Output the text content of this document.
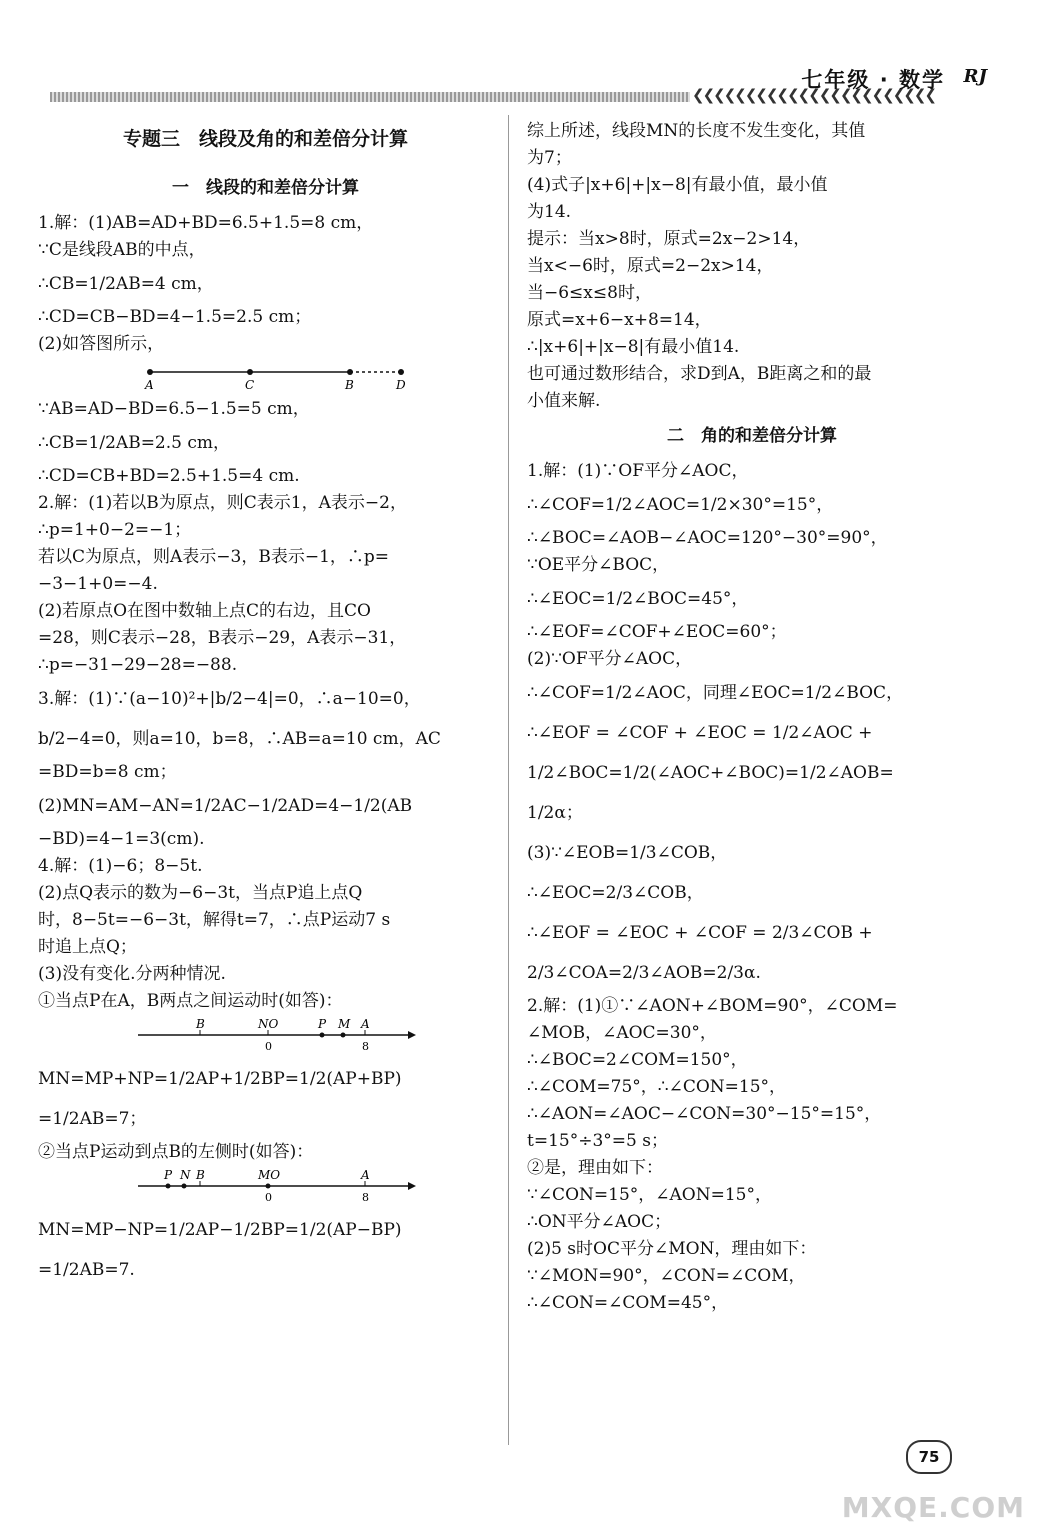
❮❮❮❮❮❮❮❮❮❮❮❮❮❮❮❮❮❮❮❮❮❮❮
七年级 · 数学 RJ
专题三　线段及角的和差倍分计算
一　线段的和差倍分计算
1.解：(1)AB=AD+BD=6.5+1.5=8 cm，
∵C是线段AB的中点，
∴CB=1/2AB=4 cm，
∴CD=CB−BD=4−1.5=2.5 cm；
(2)如答图所示，
A	C	B	D
∵AB=AD−BD=6.5−1.5=5 cm，
∴CB=1/2AB=2.5 cm，
∴CD=CB+BD=2.5+1.5=4 cm.
2.解：(1)若以B为原点，则C表示1，A表示−2，
∴p=1+0−2=−1；
若以C为原点，则A表示−3，B表示−1，∴p=
−3−1+0=−4.
(2)若原点O在图中数轴上点C的右边，且CO
=28，则C表示−28，B表示−29，A表示−31，
∴p=−31−29−28=−88.
3.解：(1)∵(a−10)²+|b/2−4|=0，∴a−10=0，
b/2−4=0，则a=10，b=8，∴AB=a=10 cm，AC
=BD=b=8 cm；
(2)MN=AM−AN=1/2AC−1/2AD=4−1/2(AB
−BD)=4−1=3(cm).
4.解：(1)−6；8−5t.
(2)点Q表示的数为−6−3t，当点P追上点Q
时，8−5t=−6−3t，解得t=7，∴点P运动7 s
时追上点Q；
(3)没有变化.分两种情况.
①当点P在A，B两点之间运动时(如答)：
B	NO	P M A
0	8
MN=MP+NP=1/2AP+1/2BP=1/2(AP+BP)
=1/2AB=7；
②当点P运动到点B的左侧时(如答)：
P N B	MO	A
0	8
MN=MP−NP=1/2AP−1/2BP=1/2(AP−BP)
=1/2AB=7.
综上所述，线段MN的长度不发生变化，其值
为7；
(4)式子|x+6|+|x−8|有最小值，最小值
为14.
提示：当x>8时，原式=2x−2>14，
当x<−6时，原式=2−2x>14，
当−6≤x≤8时，
原式=x+6−x+8=14，
∴|x+6|+|x−8|有最小值14.
也可通过数形结合，求D到A，B距离之和的最
小值来解.
二　角的和差倍分计算
1.解：(1)∵OF平分∠AOC，
∴∠COF=1/2∠AOC=1/2×30°=15°，
∴∠BOC=∠AOB−∠AOC=120°−30°=90°，
∵OE平分∠BOC，
∴∠EOC=1/2∠BOC=45°，
∴∠EOF=∠COF+∠EOC=60°；
(2)∵OF平分∠AOC，
∴∠COF=1/2∠AOC，同理∠EOC=1/2∠BOC，
∴∠EOF = ∠COF + ∠EOC = 1/2∠AOC +
1/2∠BOC=1/2(∠AOC+∠BOC)=1/2∠AOB=
1/2α；
(3)∵∠EOB=1/3∠COB，
∴∠EOC=2/3∠COB，
∴∠EOF = ∠EOC + ∠COF = 2/3∠COB +
2/3∠COA=2/3∠AOB=2/3α.
2.解：(1)①∵∠AON+∠BOM=90°，∠COM=
∠MOB，∠AOC=30°，
∴∠BOC=2∠COM=150°，
∴∠COM=75°，∴∠CON=15°，
∴∠AON=∠AOC−∠CON=30°−15°=15°，
t=15°÷3°=5 s；
②是，理由如下：
∵∠CON=15°，∠AON=15°，
∴ON平分∠AOC；
(2)5 s时OC平分∠MON，理由如下：
∵∠MON=90°，∠CON=∠COM，
∴∠CON=∠COM=45°，
75
MXQE.COM
